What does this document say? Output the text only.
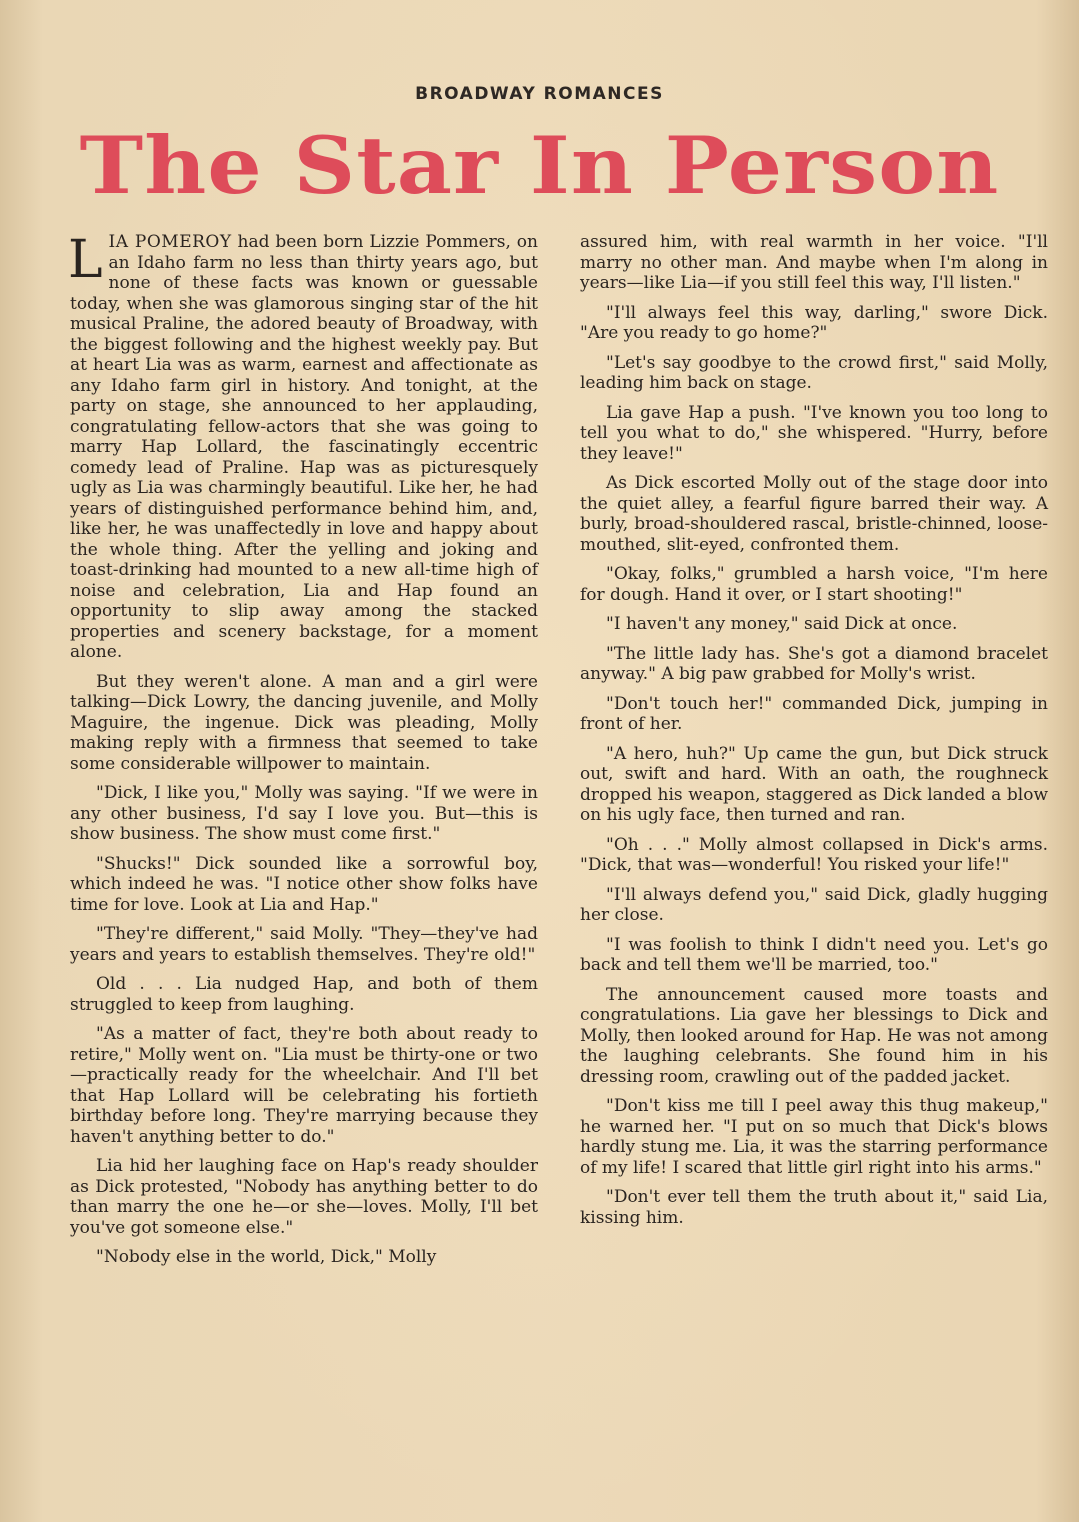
BROADWAY ROMANCES
The Star In Person

LIA POMEROY had been born Lizzie Pommers, on an Idaho farm no less than thirty years ago, but none of these facts was known or guessable today, when she was glamorous singing star of the hit musical Praline, the adored beauty of Broadway, with the biggest following and the highest weekly pay. But at heart Lia was as warm, earnest and affectionate as any Idaho farm girl in history. And tonight, at the party on stage, she announced to her applauding, congratulating fellow-actors that she was going to marry Hap Lollard, the fascinatingly eccentric comedy lead of Praline. Hap was as picturesquely ugly as Lia was charmingly beautiful. Like her, he had years of distinguished performance behind him, and, like her, he was unaffectedly in love and happy about the whole thing. After the yelling and joking and toast-drinking had mounted to a new all-time high of noise and celebration, Lia and Hap found an opportunity to slip away among the stacked properties and scenery backstage, for a moment alone.

But they weren't alone. A man and a girl were talking—Dick Lowry, the dancing juvenile, and Molly Maguire, the ingenue. Dick was pleading, Molly making reply with a firmness that seemed to take some considerable willpower to maintain.

"Dick, I like you," Molly was saying. "If we were in any other business, I'd say I love you. But—this is show business. The show must come first."

"Shucks!" Dick sounded like a sorrowful boy, which indeed he was. "I notice other show folks have time for love. Look at Lia and Hap."

"They're different," said Molly. "They—they've had years and years to establish themselves. They're old!"

Old . . . Lia nudged Hap, and both of them struggled to keep from laughing.

"As a matter of fact, they're both about ready to retire," Molly went on. "Lia must be thirty-one or two—practically ready for the wheelchair. And I'll bet that Hap Lollard will be celebrating his fortieth birthday before long. They're marrying because they haven't anything better to do."

Lia hid her laughing face on Hap's ready shoulder as Dick protested, "Nobody has anything better to do than marry the one he—or she—loves. Molly, I'll bet you've got someone else."

"Nobody else in the world, Dick," Molly

assured him, with real warmth in her voice. "I'll marry no other man. And maybe when I'm along in years—like Lia—if you still feel this way, I'll listen."

"I'll always feel this way, darling," swore Dick. "Are you ready to go home?"

"Let's say goodbye to the crowd first," said Molly, leading him back on stage.

Lia gave Hap a push. "I've known you too long to tell you what to do," she whispered. "Hurry, before they leave!"

As Dick escorted Molly out of the stage door into the quiet alley, a fearful figure barred their way. A burly, broad-shouldered rascal, bristle-chinned, loose-mouthed, slit-eyed, confronted them.

"Okay, folks," grumbled a harsh voice, "I'm here for dough. Hand it over, or I start shooting!"

"I haven't any money," said Dick at once.

"The little lady has. She's got a diamond bracelet anyway." A big paw grabbed for Molly's wrist.

"Don't touch her!" commanded Dick, jumping in front of her.

"A hero, huh?" Up came the gun, but Dick struck out, swift and hard. With an oath, the roughneck dropped his weapon, staggered as Dick landed a blow on his ugly face, then turned and ran.

"Oh . . ." Molly almost collapsed in Dick's arms. "Dick, that was—wonderful! You risked your life!"

"I'll always defend you," said Dick, gladly hugging her close.

"I was foolish to think I didn't need you. Let's go back and tell them we'll be married, too."

The announcement caused more toasts and congratulations. Lia gave her blessings to Dick and Molly, then looked around for Hap. He was not among the laughing celebrants. She found him in his dressing room, crawling out of the padded jacket.

"Don't kiss me till I peel away this thug makeup," he warned her. "I put on so much that Dick's blows hardly stung me. Lia, it was the starring performance of my life! I scared that little girl right into his arms."

"Don't ever tell them the truth about it," said Lia, kissing him.
